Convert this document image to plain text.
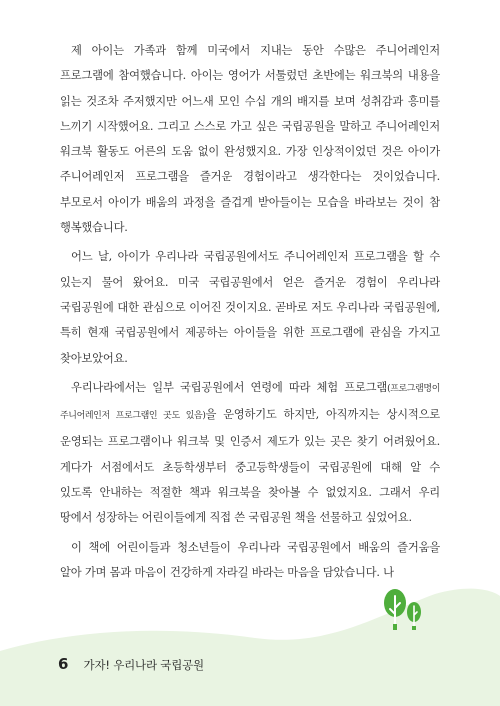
제 아이는 가족과 함께 미국에서 지내는 동안 수많은 주니어레인저 프로그램에 참여했습니다. 아이는 영어가 서툴렀던 초반에는 워크북의 내용을 읽는 것조차 주저했지만 어느새 모인 수십 개의 배지를 보며 성취감과 흥미를 느끼기 시작했어요. 그리고 스스로 가고 싶은 국립공원을 말하고 주니어레인저 워크북 활동도 어른의 도움 없이 완성했지요. 가장 인상적이었던 것은 아이가 주니어레인저 프로그램을 즐거운 경험이라고 생각한다는 것이었습니다. 부모로서 아이가 배움의 과정을 즐겁게 받아들이는 모습을 바라보는 것이 참 행복했습니다.

어느 날, 아이가 우리나라 국립공원에서도 주니어레인저 프로그램을 할 수 있는지 물어 왔어요. 미국 국립공원에서 얻은 즐거운 경험이 우리나라 국립공원에 대한 관심으로 이어진 것이지요. 곧바로 저도 우리나라 국립공원에, 특히 현재 국립공원에서 제공하는 아이들을 위한 프로그램에 관심을 가지고 찾아보았어요.

우리나라에서는 일부 국립공원에서 연령에 따라 체험 프로그램(프로그램명이 주니어레인저 프로그램인 곳도 있음)을 운영하기도 하지만, 아직까지는 상시적으로 운영되는 프로그램이나 워크북 및 인증서 제도가 있는 곳은 찾기 어려웠어요. 게다가 서점에서도 초등학생부터 중고등학생들이 국립공원에 대해 알 수 있도록 안내하는 적절한 책과 워크북을 찾아볼 수 없었지요. 그래서 우리 땅에서 성장하는 어린이들에게 직접 쓴 국립공원 책을 선물하고 싶었어요.

이 책에 어린이들과 청소년들이 우리나라 국립공원에서 배움의 즐거움을 알아 가며 몸과 마음이 건강하게 자라길 바라는 마음을 담았습니다. 나

6 가자! 우리나라 국립공원
